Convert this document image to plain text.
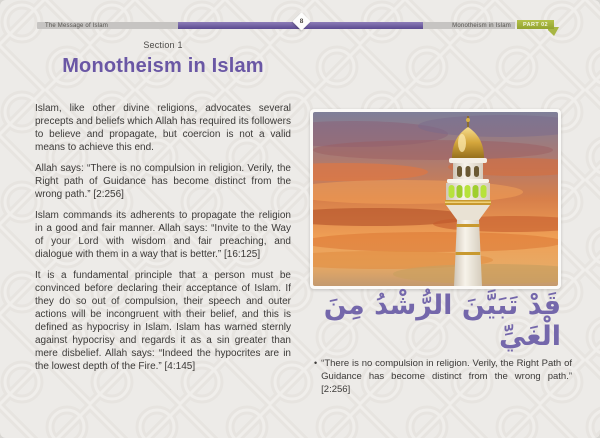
The Message of Islam
8
Monotheism in Islam PART 02
Section 1
Monotheism in Islam

Islam, like other divine religions, advocates several precepts and beliefs which Allah has required its followers to believe and propagate, but coercion is not a valid means to achieve this end.

Allah says: “There is no compulsion in religion. Verily, the Right path of Guidance has become distinct from the wrong path.” [2:256]

Islam commands its adherents to propagate the religion in a good and fair manner. Allah says: “Invite to the Way of your Lord with wisdom and fair preaching, and dialogue with them in a way that is better.” [16:125]

It is a fundamental principle that a person must be convinced before declaring their acceptance of Islam. If they do so out of compulsion, their speech and outer actions will be incongruent with their belief, and this is defined as hypocrisy in Islam. Islam has warned sternly against hypocrisy and regards it as a sin greater than mere disbelief. Allah says: “Indeed the hypocrites are in the lowest depth of the Fire.” [4:145]

قَدْ تَبَيَّنَ الرُّشْدُ مِنَ الْغَيِّ
• “There is no compulsion in religion. Verily, the Right Path of Guidance has become distinct from the wrong path.” [2:256]
